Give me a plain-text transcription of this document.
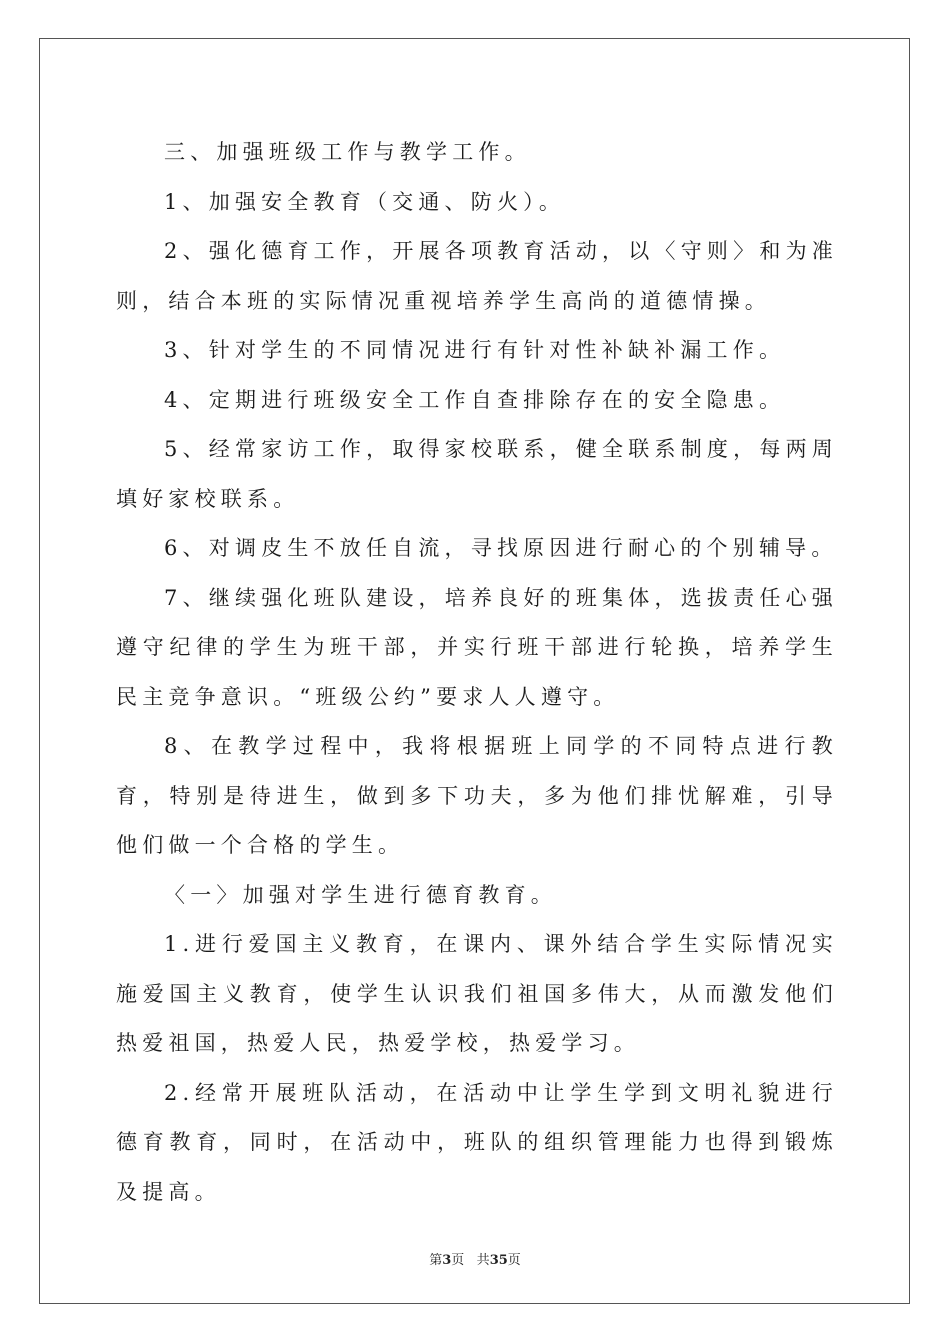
三、加强班级工作与教学工作。

1、加强安全教育（交通、防火）。

2、强化德育工作，开展各项教育活动，以〈守则〉和为准则，结合本班的实际情况重视培养学生高尚的道德情操。

3、针对学生的不同情况进行有针对性补缺补漏工作。

4、定期进行班级安全工作自查排除存在的安全隐患。

5、经常家访工作，取得家校联系，健全联系制度，每两周填好家校联系。

6、对调皮生不放任自流，寻找原因进行耐心的个别辅导。

7、继续强化班队建设，培养良好的班集体，选拔责任心强遵守纪律的学生为班干部，并实行班干部进行轮换，培养学生民主竞争意识。“班级公约”要求人人遵守。

8、在教学过程中，我将根据班上同学的不同特点进行教育，特别是待进生，做到多下功夫，多为他们排忧解难，引导他们做一个合格的学生。

〈一〉加强对学生进行德育教育。

1.进行爱国主义教育，在课内、课外结合学生实际情况实施爱国主义教育，使学生认识我们祖国多伟大，从而激发他们热爱祖国，热爱人民，热爱学校，热爱学习。

2.经常开展班队活动，在活动中让学生学到文明礼貌进行德育教育，同时，在活动中，班队的组织管理能力也得到锻炼及提高。

第3页 共35页
